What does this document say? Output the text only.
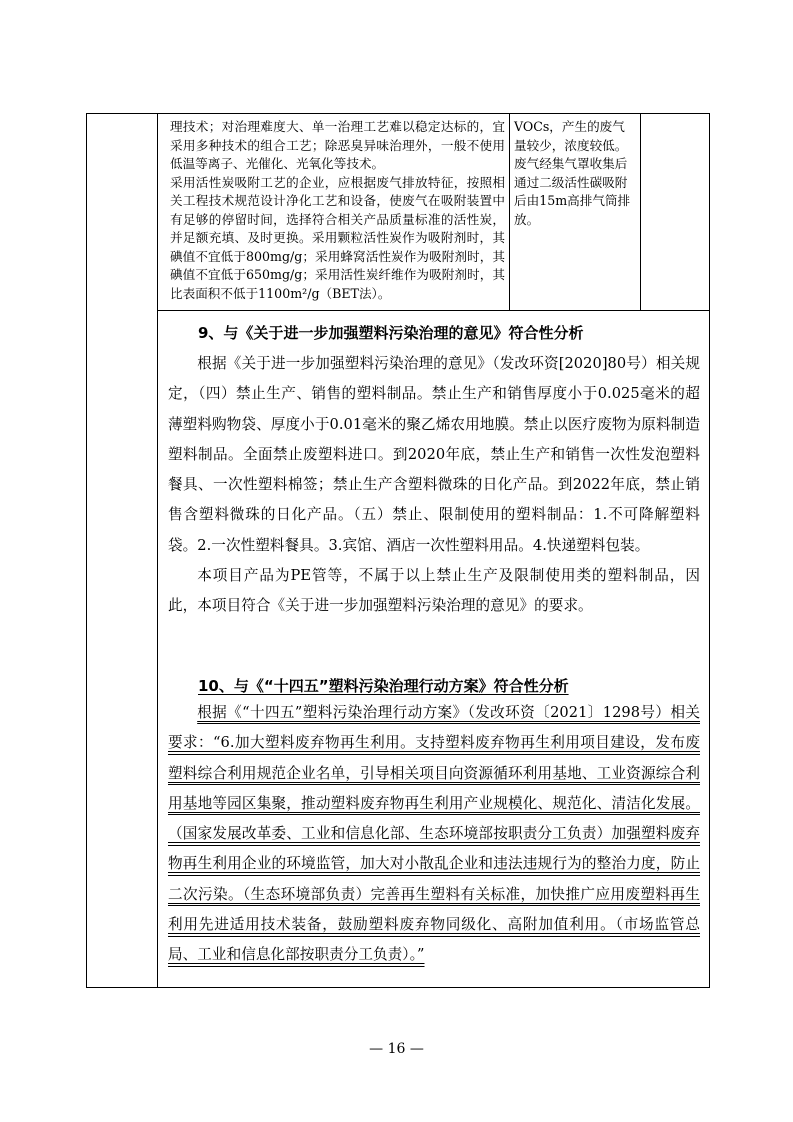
理技术；对治理难度大、单一治理工艺难以稳定达标的，宜采用多种技术的组合工艺；除恶臭异味治理外，一般不使用低温等离子、光催化、光氧化等技术。

采用活性炭吸附工艺的企业，应根据废气排放特征，按照相关工程技术规范设计净化工艺和设备，使废气在吸附装置中有足够的停留时间，选择符合相关产品质量标准的活性炭，并足额充填、及时更换。采用颗粒活性炭作为吸附剂时，其碘值不宜低于800mg/g；采用蜂窝活性炭作为吸附剂时，其碘值不宜低于650mg/g；采用活性炭纤维作为吸附剂时，其比表面积不低于1100m²/g（BET法）。

VOCs，产生的废气量较少，浓度较低。废气经集气罩收集后通过二级活性碳吸附后由15m高排气筒排放。

9、与《关于进一步加强塑料污染治理的意见》符合性分析

根据《关于进一步加强塑料污染治理的意见》（发改环资[2020]80号）相关规定，（四）禁止生产、销售的塑料制品。禁止生产和销售厚度小于0.025毫米的超薄塑料购物袋、厚度小于0.01毫米的聚乙烯农用地膜。禁止以医疗废物为原料制造塑料制品。全面禁止废塑料进口。到2020年底，禁止生产和销售一次性发泡塑料餐具、一次性塑料棉签；禁止生产含塑料微珠的日化产品。到2022年底，禁止销售含塑料微珠的日化产品。（五）禁止、限制使用的塑料制品：1.不可降解塑料袋。2.一次性塑料餐具。3.宾馆、酒店一次性塑料用品。4.快递塑料包装。

本项目产品为PE管等，不属于以上禁止生产及限制使用类的塑料制品，因此，本项目符合《关于进一步加强塑料污染治理的意见》的要求。

10、与《“十四五”塑料污染治理行动方案》符合性分析

根据《“十四五”塑料污染治理行动方案》（发改环资〔2021〕1298号）相关要求：“6.加大塑料废弃物再生利用。支持塑料废弃物再生利用项目建设，发布废塑料综合利用规范企业名单，引导相关项目向资源循环利用基地、工业资源综合利用基地等园区集聚，推动塑料废弃物再生利用产业规模化、规范化、清洁化发展。（国家发展改革委、工业和信息化部、生态环境部按职责分工负责）加强塑料废弃物再生利用企业的环境监管，加大对小散乱企业和违法违规行为的整治力度，防止二次污染。（生态环境部负责）完善再生塑料有关标准，加快推广应用废塑料再生利用先进适用技术装备，鼓励塑料废弃物同级化、高附加值利用。（市场监管总局、工业和信息化部按职责分工负责）。”

— 16 —
